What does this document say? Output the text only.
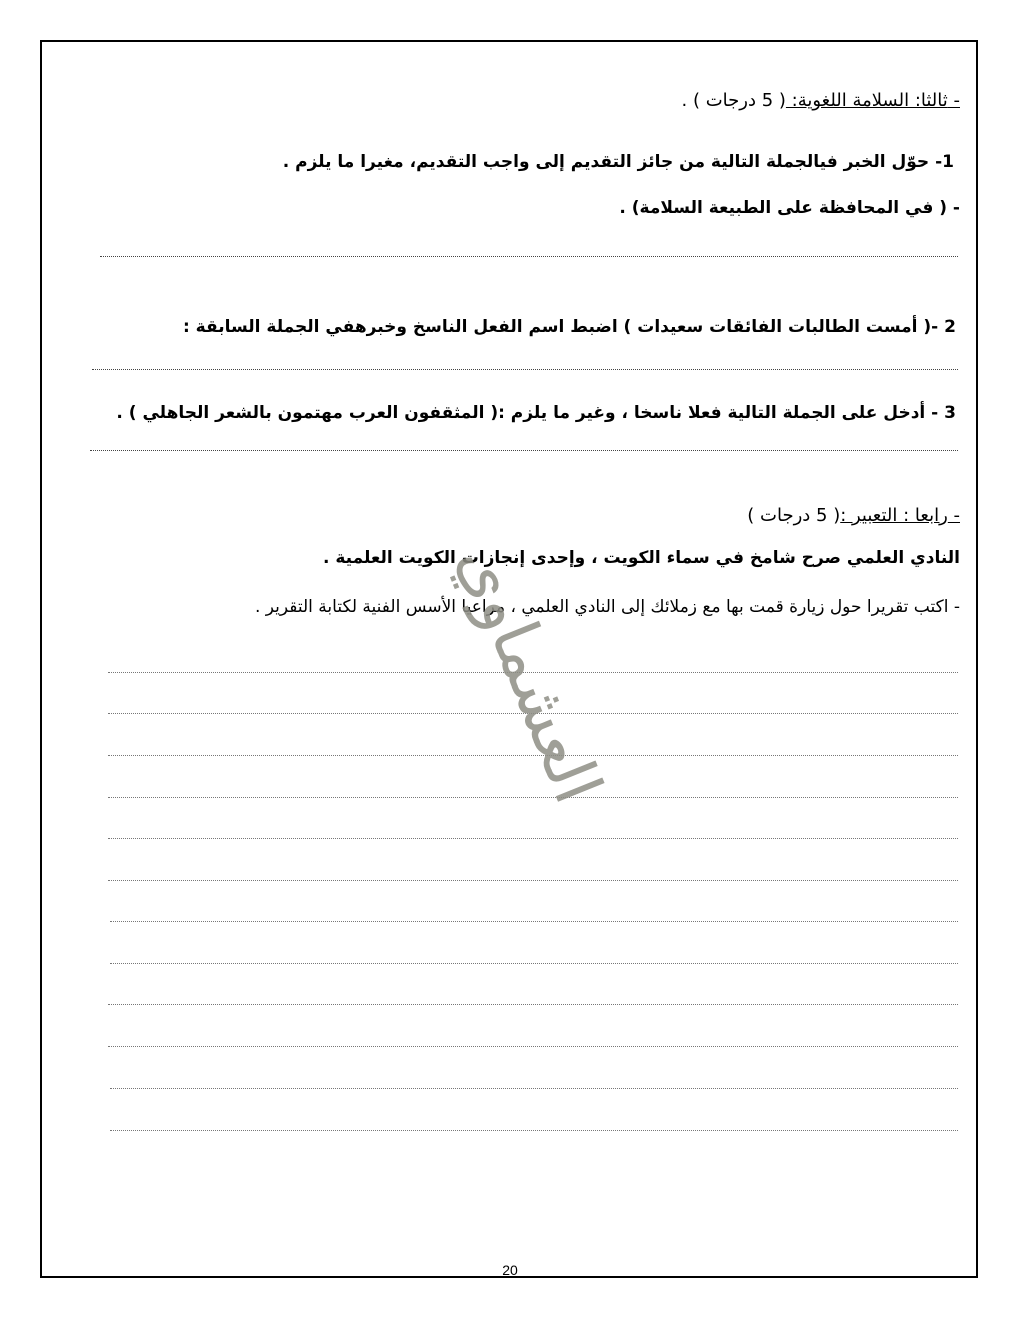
- ثالثا: السلامة اللغوية: ( 5 درجات ) .
1- حوّل الخبر فيالجملة التالية من جائز التقديم إلى واجب التقديم، مغيرا ما يلزم .
- ( في المحافظة على الطبيعة السلامة) .
2 -( أمست الطالبات الفائقات سعيدات ) اضبط اسم الفعل الناسخ وخبرهفي الجملة السابقة :
3 - أدخل على الجملة التالية فعلا ناسخا ، وغير ما يلزم :( المثقفون العرب مهتمون بالشعر الجاهلي ) .
- رابعا : التعبير :( 5 درجات )
النادي العلمي صرح شامخ في سماء الكويت ، وإحدى إنجازات الكويت العلمية .
- اكتب تقريرا حول زيارة قمت بها مع زملائك إلى النادي العلمي ، مراعيا الأسس الفنية لكتابة التقرير .
العشماوي
20
